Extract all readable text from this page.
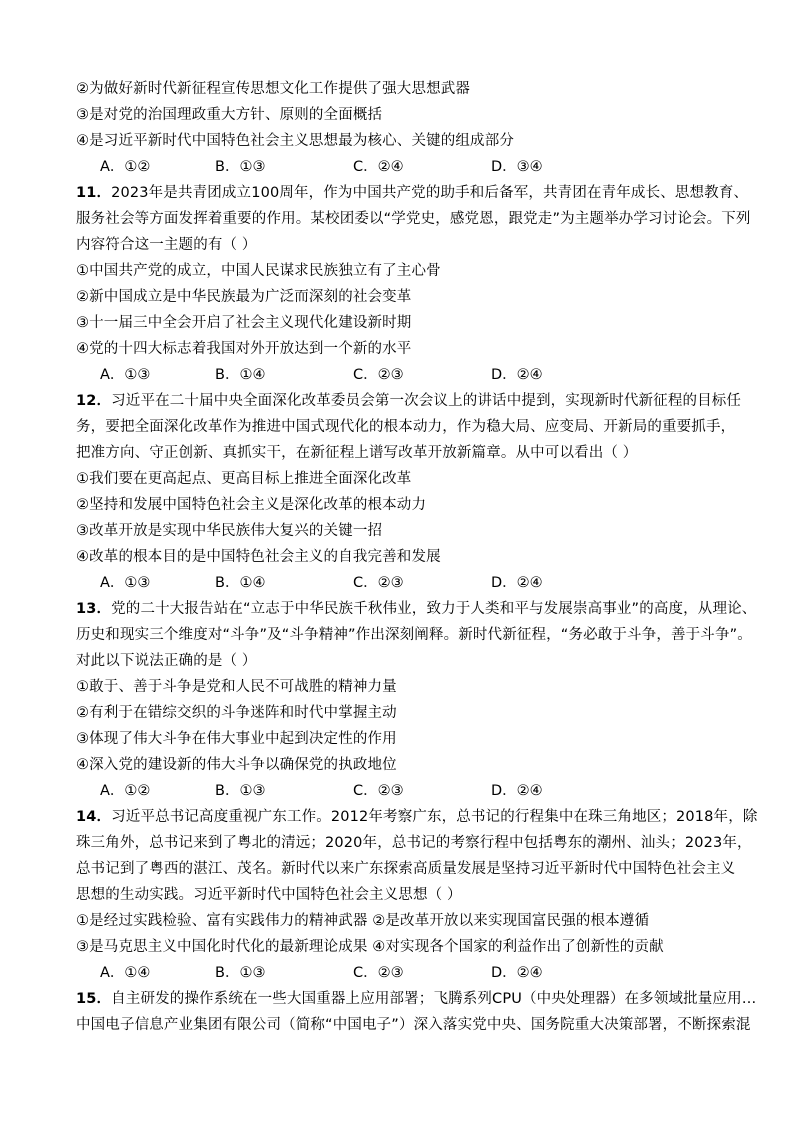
②为做好新时代新征程宣传思想文化工作提供了强大思想武器
③是对党的治国理政重大方针、原则的全面概括
④是习近平新时代中国特色社会主义思想最为核心、关键的组成部分
A．①②	B．①③	C．②④	D．③④
11．2023年是共青团成立100周年，作为中国共产党的助手和后备军，共青团在青年成长、思想教育、
服务社会等方面发挥着重要的作用。某校团委以“学党史，感党恩，跟党走”为主题举办学习讨论会。下列
内容符合这一主题的有（ ）
①中国共产党的成立，中国人民谋求民族独立有了主心骨
②新中国成立是中华民族最为广泛而深刻的社会变革
③十一届三中全会开启了社会主义现代化建设新时期
④党的十四大标志着我国对外开放达到一个新的水平
A．①③	B．①④	C．②③	D．②④
12．习近平在二十届中央全面深化改革委员会第一次会议上的讲话中提到，实现新时代新征程的目标任
务，要把全面深化改革作为推进中国式现代化的根本动力，作为稳大局、应变局、开新局的重要抓手，
把准方向、守正创新、真抓实干，在新征程上谱写改革开放新篇章。从中可以看出（ ）
①我们要在更高起点、更高目标上推进全面深化改革
②坚持和发展中国特色社会主义是深化改革的根本动力
③改革开放是实现中华民族伟大复兴的关键一招
④改革的根本目的是中国特色社会主义的自我完善和发展
A．①③	B．①④	C．②③	D．②④
13．党的二十大报告站在“立志于中华民族千秋伟业，致力于人类和平与发展崇高事业”的高度，从理论、
历史和现实三个维度对“斗争”及“斗争精神”作出深刻阐释。新时代新征程，“务必敢于斗争，善于斗争”。
对此以下说法正确的是（ ）
①敢于、善于斗争是党和人民不可战胜的精神力量
②有利于在错综交织的斗争迷阵和时代中掌握主动
③体现了伟大斗争在伟大事业中起到决定性的作用
④深入党的建设新的伟大斗争以确保党的执政地位
A．①②	B．①③	C．②③	D．②④
14．习近平总书记高度重视广东工作。2012年考察广东，总书记的行程集中在珠三角地区；2018年，除
珠三角外，总书记来到了粤北的清远；2020年，总书记的考察行程中包括粤东的潮州、汕头；2023年，
总书记到了粤西的湛江、茂名。新时代以来广东探索高质量发展是坚持习近平新时代中国特色社会主义
思想的生动实践。习近平新时代中国特色社会主义思想（ ）
①是经过实践检验、富有实践伟力的精神武器 ②是改革开放以来实现国富民强的根本遵循
③是马克思主义中国化时代化的最新理论成果 ④对实现各个国家的利益作出了创新性的贡献
A．①④	B．①③	C．②③	D．②④
15．自主研发的操作系统在一些大国重器上应用部署；飞腾系列CPU（中央处理器）在多领域批量应用…
中国电子信息产业集团有限公司（简称“中国电子”）深入落实党中央、国务院重大决策部署，不断探索混
